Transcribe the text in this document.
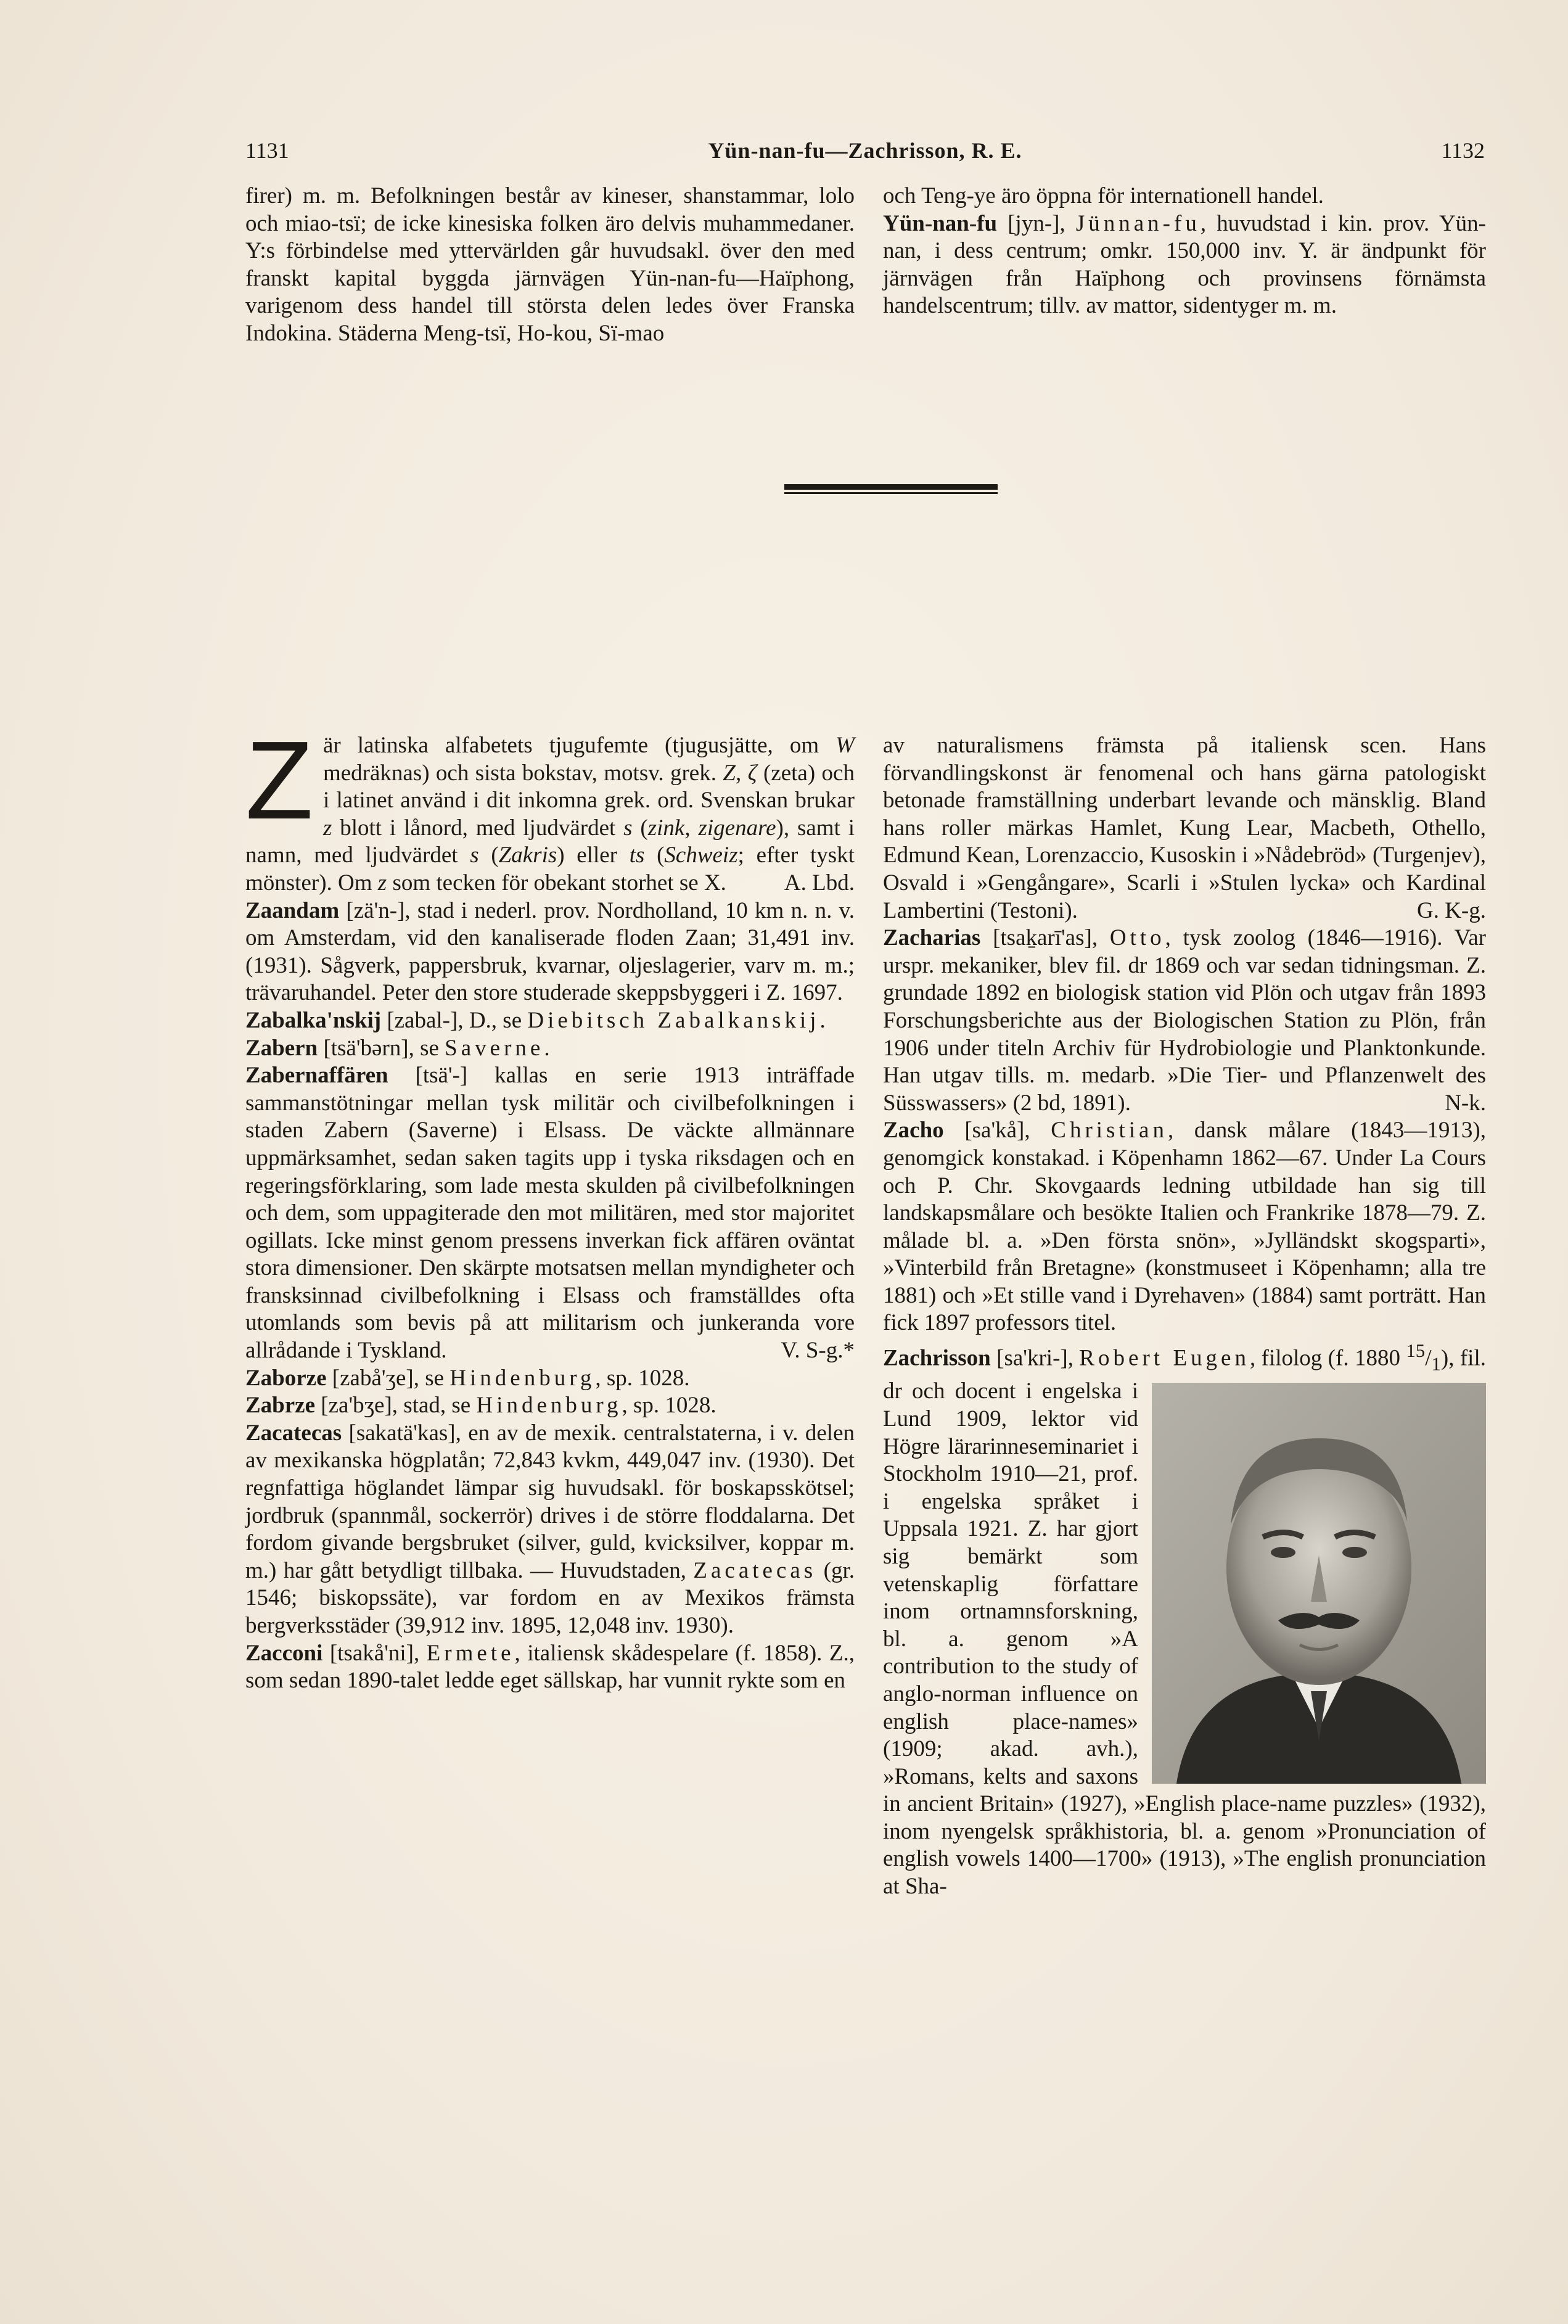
1131	Yün-nan-fu—Zachrisson, R. E.	1132

firer) m. m. Befolkningen består av kineser, shanstammar, lolo och miao-tsï; de icke kinesiska folken äro delvis muhammedaner. Y:s förbindelse med yttervärlden går huvudsakl. över den med franskt kapital byggda järnvägen Yün-nan-fu—Haïphong, varigenom dess handel till största delen ledes över Franska Indokina. Städerna Meng-tsï, Ho-kou, Sï-mao

och Teng-ye äro öppna för internationell handel.

Yün-nan-fu [jyn-], Jünnan-fu, huvudstad i kin. prov. Yün-nan, i dess centrum; omkr. 150,000 inv. Y. är ändpunkt för järnvägen från Haïphong och provinsens förnämsta handelscentrum; tillv. av mattor, sidentyger m. m.

Z är latinska alfabetets tjugufemte (tjugusjätte, om W medräknas) och sista bokstav, motsv. grek. Z, ζ (zeta) och i latinet använd i dit inkomna grek. ord. Svenskan brukar z blott i lånord, med ljudvärdet s (zink, zigenare), samt i namn, med ljudvärdet s (Zakris) eller ts (Schweiz; efter tyskt mönster). Om z som tecken för obekant storhet se X.	A. Lbd.

Zaandam [zä'n-], stad i nederl. prov. Nordholland, 10 km n. n. v. om Amsterdam, vid den kanaliserade floden Zaan; 31,491 inv. (1931). Sågverk, pappersbruk, kvarnar, oljeslagerier, varv m. m.; trävaruhandel. Peter den store studerade skeppsbyggeri i Z. 1697.

Zabalka'nskij [zabal-], D., se Diebitsch Zabalkanskij.

Zabern [tsä'bərn], se Saverne.

Zabernaffären [tsä'-] kallas en serie 1913 inträffade sammanstötningar mellan tysk militär och civilbefolkningen i staden Zabern (Saverne) i Elsass. De väckte allmännare uppmärksamhet, sedan saken tagits upp i tyska riksdagen och en regeringsförklaring, som lade mesta skulden på civilbefolkningen och dem, som uppagiterade den mot militären, med stor majoritet ogillats. Icke minst genom pressens inverkan fick affären oväntat stora dimensioner. Den skärpte motsatsen mellan myndigheter och fransksinnad civilbefolkning i Elsass och framställdes ofta utomlands som bevis på att militarism och junkeranda vore allrådande i Tyskland.	V. S-g.*

Zaborze [zabå'ʒe], se Hindenburg, sp. 1028.

Zabrze [za'bʒe], stad, se Hindenburg, sp. 1028.

Zacatecas [sakatä'kas], en av de mexik. centralstaterna, i v. delen av mexikanska högplatån; 72,843 kvkm, 449,047 inv. (1930). Det regnfattiga höglandet lämpar sig huvudsakl. för boskapsskötsel; jordbruk (spannmål, sockerrör) drives i de större floddalarna. Det fordom givande bergsbruket (silver, guld, kvicksilver, koppar m. m.) har gått betydligt tillbaka. — Huvudstaden, Zacatecas (gr. 1546; biskopssäte), var fordom en av Mexikos främsta bergverksstäder (39,912 inv. 1895, 12,048 inv. 1930).

Zacconi [tsakå'ni], Ermete, italiensk skådespelare (f. 1858). Z., som sedan 1890-talet ledde eget sällskap, har vunnit rykte som en

av naturalismens främsta på italiensk scen. Hans förvandlingskonst är fenomenal och hans gärna patologiskt betonade framställning underbart levande och mänsklig. Bland hans roller märkas Hamlet, Kung Lear, Macbeth, Othello, Edmund Kean, Lorenzaccio, Kusoskin i »Nådebröd» (Turgenjev), Osvald i »Gengångare», Scarli i »Stulen lycka» och Kardinal Lambertini (Testoni).	G. K-g.

Zacharias [tsaḵarī'as], Otto, tysk zoolog (1846—1916). Var urspr. mekaniker, blev fil. dr 1869 och var sedan tidningsman. Z. grundade 1892 en biologisk station vid Plön och utgav från 1893 Forschungsberichte aus der Biologischen Station zu Plön, från 1906 under titeln Archiv für Hydrobiologie und Planktonkunde. Han utgav tills. m. medarb. »Die Tier- und Pflanzenwelt des Süsswassers» (2 bd, 1891).	N-k.

Zacho [sa'kå], Christian, dansk målare (1843—1913), genomgick konstakad. i Köpenhamn 1862—67. Under La Cours och P. Chr. Skovgaards ledning utbildade han sig till landskapsmålare och besökte Italien och Frankrike 1878—79. Z. målade bl. a. »Den första snön», »Jylländskt skogsparti», »Vinterbild från Bretagne» (konstmuseet i Köpenhamn; alla tre 1881) och »Et stille vand i Dyrehaven» (1884) samt porträtt. Han fick 1897 professors titel.

Zachrisson [sa'kri-], Robert Eugen, filolog (f. 1880 $^{15}/_1$
), fil. dr och docent i engelska i Lund 1909, lektor vid Högre lärarinneseminariet i Stockholm 1910—21, prof. i engelska språket i Uppsala 1921. Z. har gjort sig bemärkt som vetenskaplig författare inom ortnamnsforskning, bl. a. genom »A contribution to the study of anglo-norman influence on english place-names» (1909; akad. avh.), »Romans, kelts and saxons in ancient Britain» (1927), »English place-name puzzles» (1932), inom nyengelsk språkhistoria, bl. a. genom »Pronunciation of english vowels 1400—1700» (1913), »The english pronunciation at Sha-
